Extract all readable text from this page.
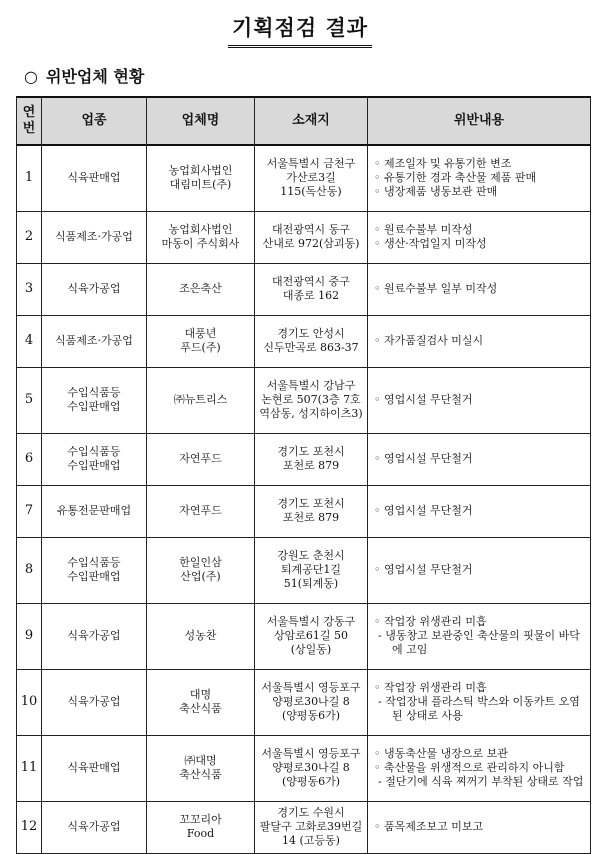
기획점검 결과
○ 위반업체 현황
연
번	업종	업체명	소재지	위반내용
1	식육판매업	농업회사법인
대림미트(주)	서울특별시 금천구
가산로3길
115(독산동)	◦ 제조일자 및 유통기한 변조
◦ 유통기한 경과 축산물 제품 판매
◦ 냉장제품 냉동보관 판매

2	식품제조·가공업	농업회사법인
마동이 주식회사	대전광역시 동구
산내로 972(삼괴동)	◦ 원료수불부 미작성
◦ 생산·작업일지 미작성

3	식육가공업	조은축산	대전광역시 중구
대종로 162	◦ 원료수불부 일부 미작성

4	식품제조·가공업	대풍년
푸드(주)	경기도 안성시
신두만곡로 863-37	◦ 자가품질검사 미실시

5	수입식품등
수입판매업	㈜뉴트리스	서울특별시 강남구
논현로 507(3층 7호
역삼동, 성지하이츠3)	◦ 영업시설 무단철거

6	수입식품등
수입판매업	자연푸드	경기도 포천시
포천로 879	◦ 영업시설 무단철거

7	유통전문판매업	자연푸드	경기도 포천시
포천로 879	◦ 영업시설 무단철거

8	수입식품등
수입판매업	한일인삼
산업(주)	강원도 춘천시
퇴계공단1길
51(퇴계동)	◦ 영업시설 무단철거

9	식육가공업	성농찬	서울특별시 강동구
상암로61길 50
(상일동)	◦ 작업장 위생관리 미흡
- 냉동창고 보관중인 축산물의 핏물이 바닥에 고임

10	식육가공업	대명
축산식품	서울특별시 영등포구
양평로30나길 8
(양평동6가)	◦ 작업장 위생관리 미흡
- 작업장내 플라스틱 박스와 이동카트 오염된 상태로 사용

11	식육판매업	㈜대명
축산식품	서울특별시 영등포구
양평로30나길 8
(양평동6가)	◦ 냉동축산물 냉장으로 보관
◦ 축산물을 위생적으로 관리하지 아니함
- 절단기에 식육 찌꺼기 부착된 상태로 작업

12	식육가공업	꼬꼬리아
Food	경기도 수원시
팔달구 고화로39번길
14 (고등동)	◦ 품목제조보고 미보고
